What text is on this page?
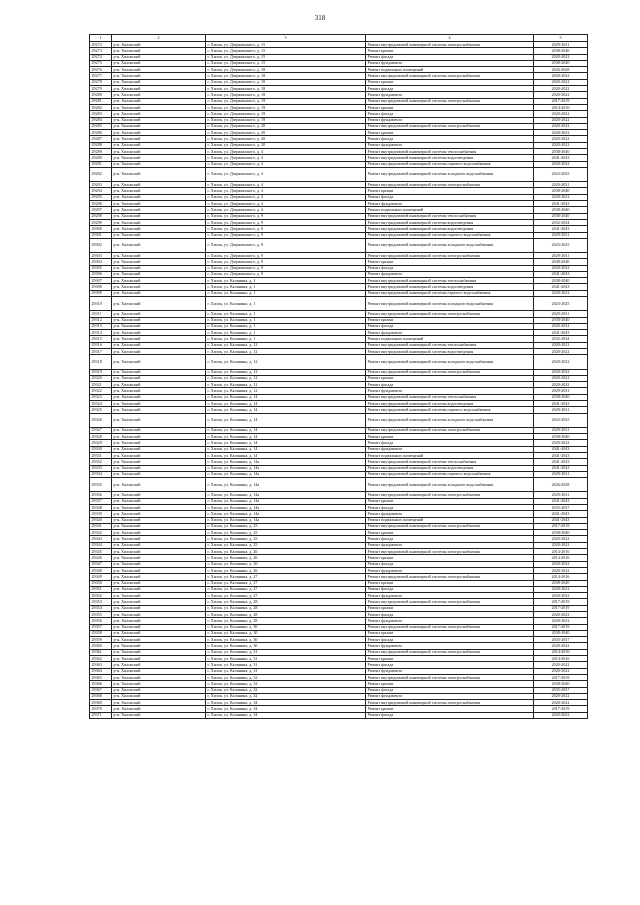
318
1	2	3	4	5
29272	р-н. Хилокский	г. Хилок, ул. Дзержинского, д. 15	Ремонт внутридомовой инженерной системы электроснабжения	2029-2031
29273	р-н. Хилокский	г. Хилок, ул. Дзержинского, д. 15	Ремонт крыши	2038-2040
29274	р-н. Хилокский	г. Хилок, ул. Дзержинского, д. 15	Ремонт фасада	2020-2022
29275	р-н. Хилокский	г. Хилок, ул. Дзержинского, д. 15	Ремонт фундамента	2038-2040
29276	р-н. Хилокский	г. Хилок, ул. Дзержинского, д. 18	Ремонт подвальных помещений	2026-2028
29277	р-н. Хилокский	г. Хилок, ул. Дзержинского, д. 18	Ремонт внутридомовой инженерной системы электроснабжения	2020-2022
29278	р-н. Хилокский	г. Хилок, ул. Дзержинского, д. 18	Ремонт крыши	2020-2022
29279	р-н. Хилокский	г. Хилок, ул. Дзержинского, д. 18	Ремонт фасада	2020-2022
29280	р-н. Хилокский	г. Хилок, ул. Дзержинского, д. 18	Ремонт фундамента	2020-2022
29281	р-н. Хилокский	г. Хилок, ул. Дзержинского, д. 19	Ремонт внутридомовой инженерной системы электроснабжения	2017-2019
29282	р-н. Хилокский	г. Хилок, ул. Дзержинского, д. 19	Ремонт крыши	2014-2016
29283	р-н. Хилокский	г. Хилок, ул. Дзержинского, д. 19	Ремонт фасада	2020-2022
29284	р-н. Хилокский	г. Хилок, ул. Дзержинского, д. 19	Ремонт фундамента	2020-2022
29285	р-н. Хилокский	г. Хилок, ул. Дзержинского, д. 20	Ремонт внутридомовой инженерной системы электроснабжения	2020-2022
29286	р-н. Хилокский	г. Хилок, ул. Дзержинского, д. 20	Ремонт крыши	2020-2022
29287	р-н. Хилокский	г. Хилок, ул. Дзержинского, д. 20	Ремонт фасада	2020-2022
29288	р-н. Хилокский	г. Хилок, ул. Дзержинского, д. 20	Ремонт фундамента	2020-2022
29289	р-н. Хилокский	г. Хилок, ул. Дзержинского, д. 4	Ремонт внутридомовой инженерной системы теплоснабжения	2038-2040
29290	р-н. Хилокский	г. Хилок, ул. Дзержинского, д. 4	Ремонт внутридомовой инженерной системы водоотведения	2041-2043
29291	р-н. Хилокский	г. Хилок, ул. Дзержинского, д. 4	Ремонт внутридомовой инженерной системы горячего водоснабжения	2020-2022
29292	р-н. Хилокский	г. Хилок, ул. Дзержинского, д. 4	Ремонт внутридомовой инженерной системы холодного водоснабжения	2023-2025
29293	р-н. Хилокский	г. Хилок, ул. Дзержинского, д. 4	Ремонт внутридомовой инженерной системы электроснабжения	2029-2031
29294	р-н. Хилокский	г. Хилок, ул. Дзержинского, д. 4	Ремонт крыши	2038-2040
29295	р-н. Хилокский	г. Хилок, ул. Дзержинского, д. 4	Ремонт фасада	2020-2022
29296	р-н. Хилокский	г. Хилок, ул. Дзержинского, д. 4	Ремонт фундамента	2041-2043
29297	р-н. Хилокский	г. Хилок, ул. Дзержинского, д. 4	Ремонт подвальных помещений	2038-2040
29298	р-н. Хилокский	г. Хилок, ул. Дзержинского, д. 9	Ремонт внутридомовой инженерной системы теплоснабжения	2038-2040
29299	р-н. Хилокский	г. Хилок, ул. Дзержинского, д. 9	Ремонт внутридомовой инженерной системы водоотведения	2032-2034
29300	р-н. Хилокский	г. Хилок, ул. Дзержинского, д. 9	Ремонт внутридомовой инженерной системы водоотведения	2041-2043
29301	р-н. Хилокский	г. Хилок, ул. Дзержинского, д. 9	Ремонт внутридомовой инженерной системы горячего водоснабжения	2029-2031
29302	р-н. Хилокский	г. Хилок, ул. Дзержинского, д. 9	Ремонт внутридомовой инженерной системы холодного водоснабжения	2023-2025
29303	р-н. Хилокский	г. Хилок, ул. Дзержинского, д. 9	Ремонт внутридомовой инженерной системы электроснабжения	2029-2031
29304	р-н. Хилокский	г. Хилок, ул. Дзержинского, д. 9	Ремонт крыши	2038-2040
29305	р-н. Хилокский	г. Хилок, ул. Дзержинского, д. 9	Ремонт фасада	2020-2022
29306	р-н. Хилокский	г. Хилок, ул. Дзержинского, д. 9	Ремонт фундамента	2041-2043
29307	р-н. Хилокский	г. Хилок, ул. Калинина, д. 1	Ремонт внутридомовой инженерной системы теплоснабжения	2038-2040
29308	р-н. Хилокский	г. Хилок, ул. Калинина, д. 1	Ремонт внутридомовой инженерной системы водоотведения	2041-2043
29309	р-н. Хилокский	г. Хилок, ул. Калинина, д. 1	Ремонт внутридомовой инженерной системы горячего водоснабжения	2020-2022
29310	р-н. Хилокский	г. Хилок, ул. Калинина, д. 1	Ремонт внутридомовой инженерной системы холодного водоснабжения	2023-2025
29311	р-н. Хилокский	г. Хилок, ул. Калинина, д. 1	Ремонт внутридомовой инженерной системы электроснабжения	2029-2031
29312	р-н. Хилокский	г. Хилок, ул. Калинина, д. 1	Ремонт крыши	2038-2040
29313	р-н. Хилокский	г. Хилок, ул. Калинина, д. 1	Ремонт фасада	2020-2022
29314	р-н. Хилокский	г. Хилок, ул. Калинина, д. 1	Ремонт фундамента	2041-2043
29315	р-н. Хилокский	г. Хилок, ул. Калинина, д. 1	Ремонт подвальных помещений	2032-2034
29316	р-н. Хилокский	г. Хилок, ул. Калинина, д. 12	Ремонт внутридомовой инженерной системы теплоснабжения	2020-2022
29317	р-н. Хилокский	г. Хилок, ул. Калинина, д. 12	Ремонт внутридомовой инженерной системы водоотведения	2020-2022
29318	р-н. Хилокский	г. Хилок, ул. Калинина, д. 12	Ремонт внутридомовой инженерной системы холодного водоснабжения	2020-2022
29319	р-н. Хилокский	г. Хилок, ул. Калинина, д. 12	Ремонт внутридомовой инженерной системы электроснабжения	2020-2022
29320	р-н. Хилокский	г. Хилок, ул. Калинина, д. 12	Ремонт крыши	2020-2022
29321	р-н. Хилокский	г. Хилок, ул. Калинина, д. 12	Ремонт фасада	2020-2022
29322	р-н. Хилокский	г. Хилок, ул. Калинина, д. 12	Ремонт фундамента	2029-2031
29323	р-н. Хилокский	г. Хилок, ул. Калинина, д. 14	Ремонт внутридомовой инженерной системы теплоснабжения	2038-2040
29324	р-н. Хилокский	г. Хилок, ул. Калинина, д. 14	Ремонт внутридомовой инженерной системы водоотведения	2041-2043
29325	р-н. Хилокский	г. Хилок, ул. Калинина, д. 14	Ремонт внутридомовой инженерной системы горячего водоснабжения	2029-2031
29326	р-н. Хилокский	г. Хилок, ул. Калинина, д. 14	Ремонт внутридомовой инженерной системы холодного водоснабжения	2023-2025
29327	р-н. Хилокский	г. Хилок, ул. Калинина, д. 14	Ремонт внутридомовой инженерной системы электроснабжения	2029-2031
29328	р-н. Хилокский	г. Хилок, ул. Калинина, д. 14	Ремонт крыши	2038-2040
29329	р-н. Хилокский	г. Хилок, ул. Калинина, д. 14	Ремонт фасада	2020-2022
29330	р-н. Хилокский	г. Хилок, ул. Калинина, д. 14	Ремонт фундамента	2041-2043
29331	р-н. Хилокский	г. Хилок, ул. Калинина, д. 14	Ремонт подвальных помещений	2041-2043
29332	р-н. Хилокский	г. Хилок, ул. Калинина, д. 14а	Ремонт внутридомовой инженерной системы теплоснабжения	2041-2043
29333	р-н. Хилокский	г. Хилок, ул. Калинина, д. 14а	Ремонт внутридомовой инженерной системы водоотведения	2041-2043
29334	р-н. Хилокский	г. Хилок, ул. Калинина, д. 14а	Ремонт внутридомовой инженерной системы горячего водоснабжения	2029-2031
29335	р-н. Хилокский	г. Хилок, ул. Калинина, д. 14а	Ремонт внутридомовой инженерной системы холодного водоснабжения	2026-2028
29336	р-н. Хилокский	г. Хилок, ул. Калинина, д. 14а	Ремонт внутридомовой инженерной системы электроснабжения	2029-2031
29337	р-н. Хилокский	г. Хилок, ул. Калинина, д. 14а	Ремонт крыши	2041-2043
29338	р-н. Хилокский	г. Хилок, ул. Калинина, д. 14а	Ремонт фасада	2035-2037
29339	р-н. Хилокский	г. Хилок, ул. Калинина, д. 14а	Ремонт фундамента	2041-2043
29340	р-н. Хилокский	г. Хилок, ул. Калинина, д. 14а	Ремонт подвальных помещений	2041-2043
29341	р-н. Хилокский	г. Хилок, ул. Калинина, д. 25	Ремонт внутридомовой инженерной системы электроснабжения	2017-2019
29342	р-н. Хилокский	г. Хилок, ул. Калинина, д. 25	Ремонт крыши	2038-2040
29343	р-н. Хилокский	г. Хилок, ул. Калинина, д. 25	Ремонт фасада	2020-2022
29344	р-н. Хилокский	г. Хилок, ул. Калинина, д. 25	Ремонт фундамента	2020-2022
29345	р-н. Хилокский	г. Хилок, ул. Калинина, д. 26	Ремонт внутридомовой инженерной системы электроснабжения	2014-2016
29346	р-н. Хилокский	г. Хилок, ул. Калинина, д. 26	Ремонт крыши	2014-2016
29347	р-н. Хилокский	г. Хилок, ул. Калинина, д. 26	Ремонт фасада	2020-2022
29348	р-н. Хилокский	г. Хилок, ул. Калинина, д. 26	Ремонт фундамента	2020-2022
29349	р-н. Хилокский	г. Хилок, ул. Калинина, д. 27	Ремонт внутридомовой инженерной системы электроснабжения	2014-2016
29350	р-н. Хилокский	г. Хилок, ул. Калинина, д. 27	Ремонт крыши	2038-2040
29351	р-н. Хилокский	г. Хилок, ул. Калинина, д. 27	Ремонт фасада	2020-2022
29352	р-н. Хилокский	г. Хилок, ул. Калинина, д. 27	Ремонт фундамента	2020-2022
29353	р-н. Хилокский	г. Хилок, ул. Калинина, д. 28	Ремонт внутридомовой инженерной системы электроснабжения	2017-2019
29354	р-н. Хилокский	г. Хилок, ул. Калинина, д. 28	Ремонт крыши	2017-2019
29355	р-н. Хилокский	г. Хилок, ул. Калинина, д. 28	Ремонт фасада	2020-2022
29356	р-н. Хилокский	г. Хилок, ул. Калинина, д. 28	Ремонт фундамента	2020-2022
29357	р-н. Хилокский	г. Хилок, ул. Калинина, д. 30	Ремонт внутридомовой инженерной системы электроснабжения	2017-2019
29358	р-н. Хилокский	г. Хилок, ул. Калинина, д. 30	Ремонт крыши	2038-2040
29359	р-н. Хилокский	г. Хилок, ул. Калинина, д. 30	Ремонт фасада	2035-2037
29360	р-н. Хилокский	г. Хилок, ул. Калинина, д. 30	Ремонт фундамента	2020-2022
29361	р-н. Хилокский	г. Хилок, ул. Калинина, д. 31	Ремонт внутридомовой инженерной системы электроснабжения	2014-2016
29362	р-н. Хилокский	г. Хилок, ул. Калинина, д. 31	Ремонт крыши	2014-2016
29363	р-н. Хилокский	г. Хилок, ул. Калинина, д. 31	Ремонт фасада	2020-2022
29364	р-н. Хилокский	г. Хилок, ул. Калинина, д. 31	Ремонт фундамента	2020-2022
29365	р-н. Хилокский	г. Хилок, ул. Калинина, д. 32	Ремонт внутридомовой инженерной системы электроснабжения	2017-2019
29366	р-н. Хилокский	г. Хилок, ул. Калинина, д. 32	Ремонт крыши	2038-2040
29367	р-н. Хилокский	г. Хилок, ул. Калинина, д. 32	Ремонт фасада	2035-2037
29368	р-н. Хилокский	г. Хилок, ул. Калинина, д. 32	Ремонт фундамента	2020-2022
29369	р-н. Хилокский	г. Хилок, ул. Калинина, д. 34	Ремонт внутридомовой инженерной системы электроснабжения	2020-2022
29370	р-н. Хилокский	г. Хилок, ул. Калинина, д. 34	Ремонт крыши	2017-2019
29371	р-н. Хилокский	г. Хилок, ул. Калинина, д. 34	Ремонт фасада	2020-2022
